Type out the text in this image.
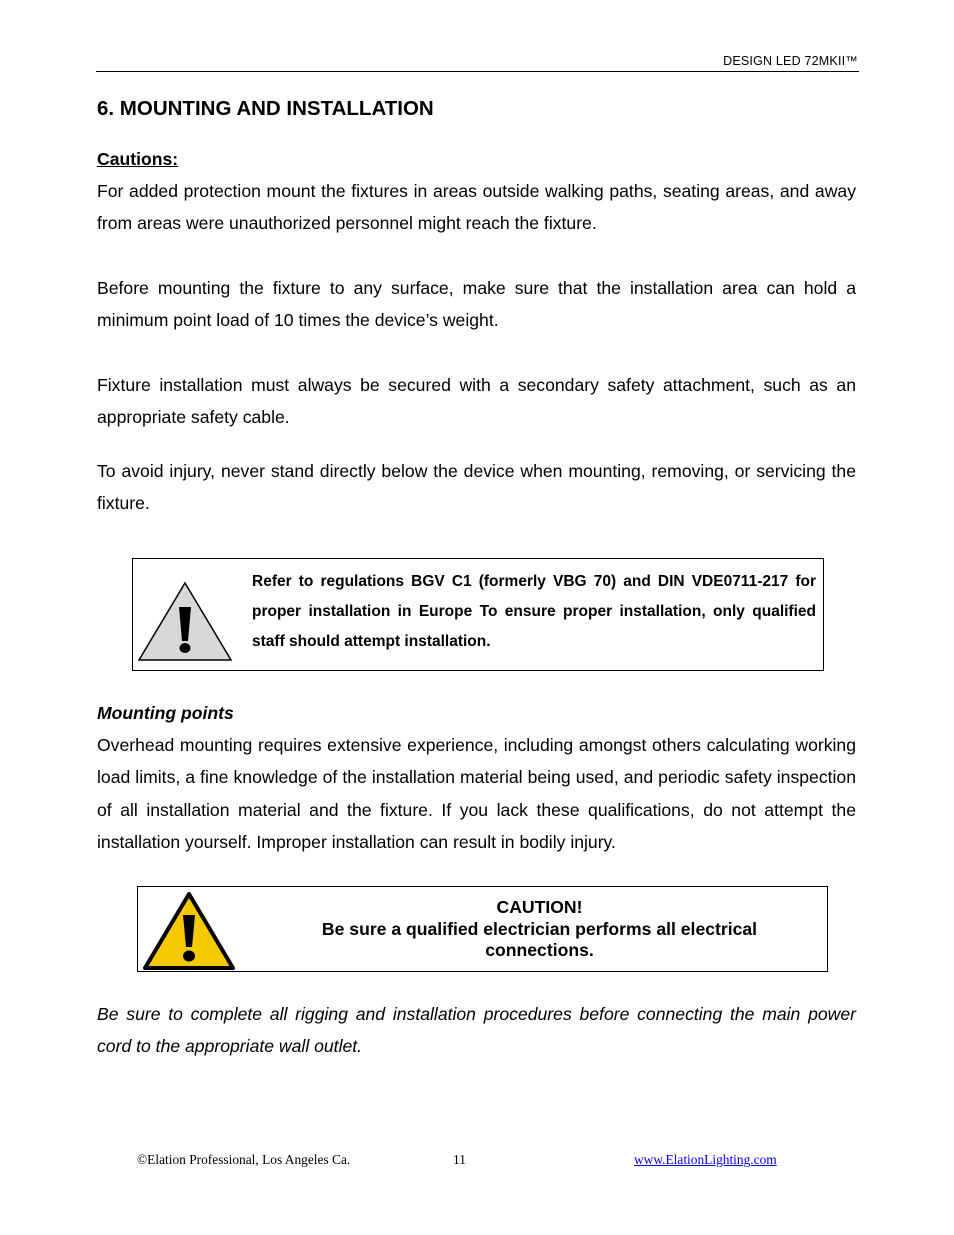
DESIGN LED 72MKII™
6. MOUNTING AND INSTALLATION

Cautions:

For added protection mount the fixtures in areas outside walking paths, seating areas, and away from areas were unauthorized personnel might reach the fixture.

Before mounting the fixture to any surface, make sure that the installation area can hold a minimum point load of 10 times the device’s weight.

Fixture installation must always be secured with a secondary safety attachment, such as an appropriate safety cable.

To avoid injury, never stand directly below the device when mounting, removing, or servicing the fixture.

Refer to regulations BGV C1 (formerly VBG 70) and DIN VDE0711-217 for proper installation in Europe To ensure proper installation, only qualified staff should attempt installation.

Mounting points

Overhead mounting requires extensive experience, including amongst others calculating working load limits, a fine knowledge of the installation material being used, and periodic safety inspection of all installation material and the fixture. If you lack these qualifications, do not attempt the installation yourself. Improper installation can result in bodily injury.

CAUTION!
Be sure a qualified electrician performs all electrical connections.

Be sure to complete all rigging and installation procedures before connecting the main power cord to the appropriate wall outlet.

©Elation Professional, Los Angeles Ca.	11	www.ElationLighting.com
